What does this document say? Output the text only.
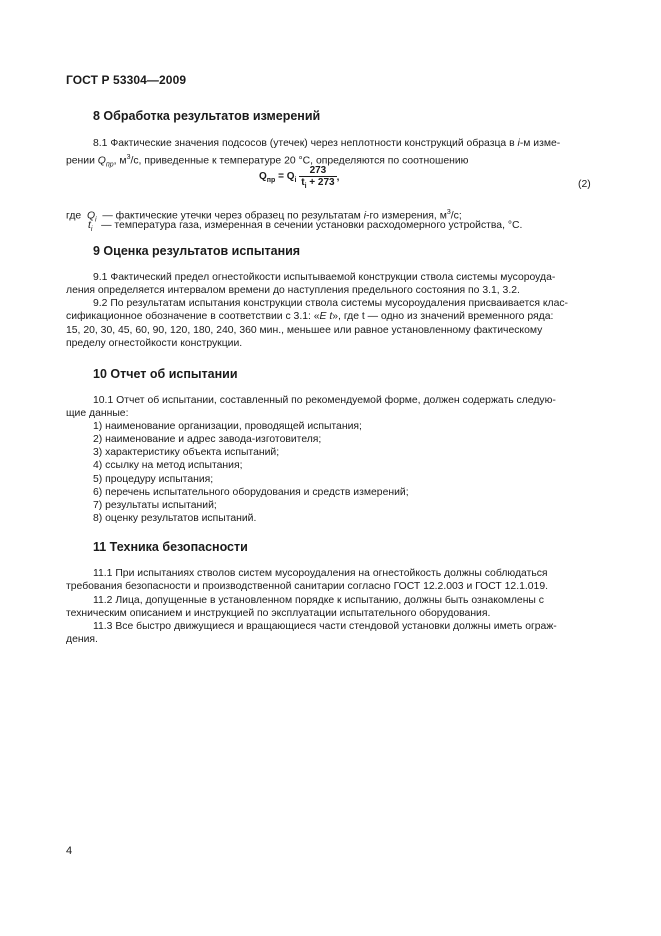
ГОСТ Р 53304—2009
8 Обработка результатов измерений
8.1 Фактические значения подсосов (утечек) через неплотности конструкций образца в i-м изме-
рении $Q_{пр}$, $м^3/с$, приведенные к температуре 20 °С, определяются по соотношению
$Q_{пр} = Q_i \frac{273}{t_i + 273}$ ,
(2)
где $Q_i$ — фактические утечки через образец по результатам i-го измерения, $м^3/с$;
$t_i$ — температура газа, измеренная в сечении установки расходомерного устройства, °С.
9 Оценка результатов испытания
9.1 Фактический предел огнестойкости испытываемой конструкции ствола системы мусороуда-
ления определяется интервалом времени до наступления предельного состояния по 3.1, 3.2.
9.2 По результатам испытания конструкции ствола системы мусороудаления присваивается клас-
сификационное обозначение в соответствии с 3.1: «Е t», где t — одно из значений временного ряда:
15, 20, 30, 45, 60, 90, 120, 180, 240, 360 мин., меньшее или равное установленному фактическому
пределу огнестойкости конструкции.
10 Отчет об испытании
10.1 Отчет об испытании, составленный по рекомендуемой форме, должен содержать следую-
щие данные:
1) наименование организации, проводящей испытания;
2) наименование и адрес завода-изготовителя;
3) характеристику объекта испытаний;
4) ссылку на метод испытания;
5) процедуру испытания;
6) перечень испытательного оборудования и средств измерений;
7) результаты испытаний;
8) оценку результатов испытаний.
11 Техника безопасности
11.1 При испытаниях стволов систем мусороудаления на огнестойкость должны соблюдаться
требования безопасности и производственной санитарии согласно ГОСТ 12.2.003 и ГОСТ 12.1.019.
11.2 Лица, допущенные в установленном порядке к испытанию, должны быть ознакомлены с
техническим описанием и инструкцией по эксплуатации испытательного оборудования.
11.3 Все быстро движущиеся и вращающиеся части стендовой установки должны иметь ограж-
дения.
4
